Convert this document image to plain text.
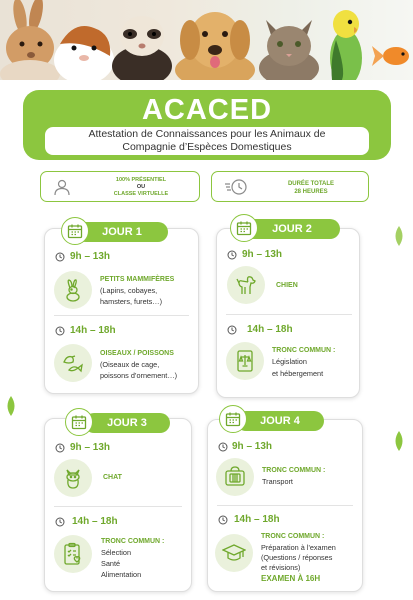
ACACED
Attestation de Connaissances pour les Animaux de
Compagnie d’Espèces Domestiques
100% PRÉSENTIEL
OU
CLASSE VIRTUELLE
DURÉE TOTALE
28 HEURES
JOUR 1
9h – 13h
PETITS MAMMIFÈRES
(Lapins, cobayes,
hamsters, furets…)
14h – 18h
OISEAUX / POISSONS
(Oiseaux de cage,
poissons d’ornement…)
JOUR 2
9h – 13h
CHIEN
14h – 18h
TRONC COMMUN :
Législation
et hébergement
JOUR 3
9h – 13h
CHAT
14h – 18h
TRONC COMMUN :
Sélection
Santé
Alimentation
JOUR 4
9h – 13h
TRONC COMMUN :
Transport
14h – 18h
TRONC COMMUN :
Préparation à l'examen
(Questions / réponses
et révisions)
EXAMEN À 16H
